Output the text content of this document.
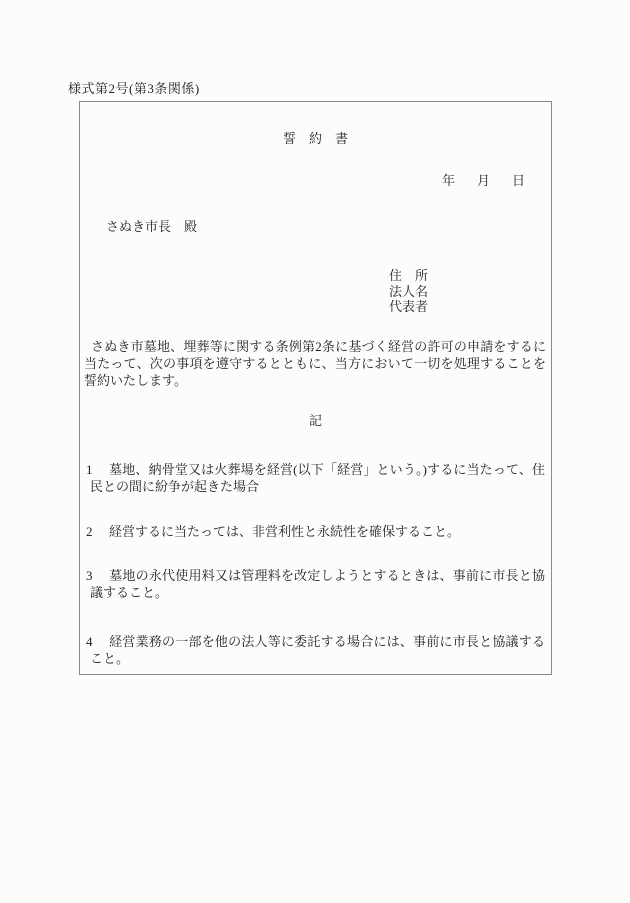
様式第2号(第3条関係)
誓　約　書
年 月 日
さぬき市長　殿
住　所
法人名
代表者

さぬき市墓地、埋葬等に関する条例第2条に基づく経営の許可の申請をするに当たって、次の事項を遵守するとともに、当方において一切を処理することを誓約いたします。

記

1 墓地、納骨堂又は火葬場を経営(以下「経営」という。)するに当たって、住民との間に紛争が起きた場合

2 経営するに当たっては、非営利性と永続性を確保すること。

3 墓地の永代使用料又は管理料を改定しようとするときは、事前に市長と協議すること。

4 経営業務の一部を他の法人等に委託する場合には、事前に市長と協議すること。
